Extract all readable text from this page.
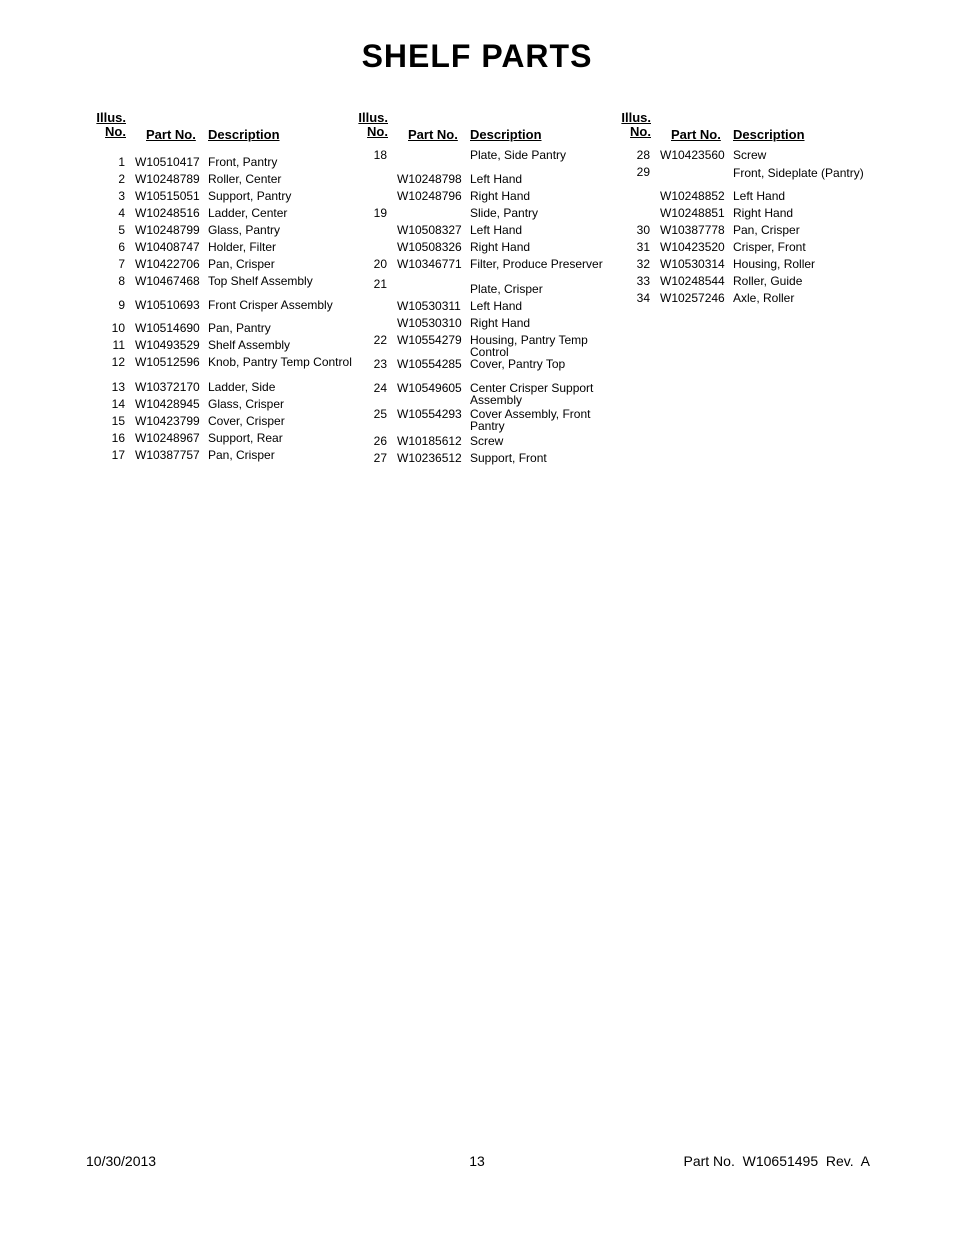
SHELF PARTS
Illus.
No. Part No. Description
1 W10510417 Front, Pantry
2 W10248789 Roller, Center
3 W10515051 Support, Pantry
4 W10248516 Ladder, Center
5 W10248799 Glass, Pantry
6 W10408747 Holder, Filter
7 W10422706 Pan, Crisper
8 W10467468 Top Shelf Assembly
9 W10510693 Front Crisper Assembly
10 W10514690 Pan, Pantry
11 W10493529 Shelf Assembly
12 W10512596 Knob, Pantry Temp Control
13 W10372170 Ladder, Side
14 W10428945 Glass, Crisper
15 W10423799 Cover, Crisper
16 W10248967 Support, Rear
17 W10387757 Pan, Crisper
Illus.
No. Part No. Description
18	Plate, Side Pantry
W10248798 Left Hand
W10248796 Right Hand
19	Slide, Pantry
W10508327 Left Hand
W10508326 Right Hand
20 W10346771 Filter, Produce Preserver
21	Plate, Crisper
W10530311 Left Hand
W10530310 Right Hand
22 W10554279 Housing, Pantry Temp Control
23 W10554285 Cover, Pantry Top
24 W10549605 Center Crisper Support Assembly
25 W10554293 Cover Assembly, Front Pantry
26 W10185612 Screw
27 W10236512 Support, Front
Illus.
No. Part No. Description
28 W10423560 Screw
29	Front, Sideplate (Pantry)
W10248852 Left Hand
W10248851 Right Hand
30 W10387778 Pan, Crisper
31 W10423520 Crisper, Front
32 W10530314 Housing, Roller
33 W10248544 Roller, Guide
34 W10257246 Axle, Roller
10/30/2013	13	Part No.  W10651495  Rev.  A
